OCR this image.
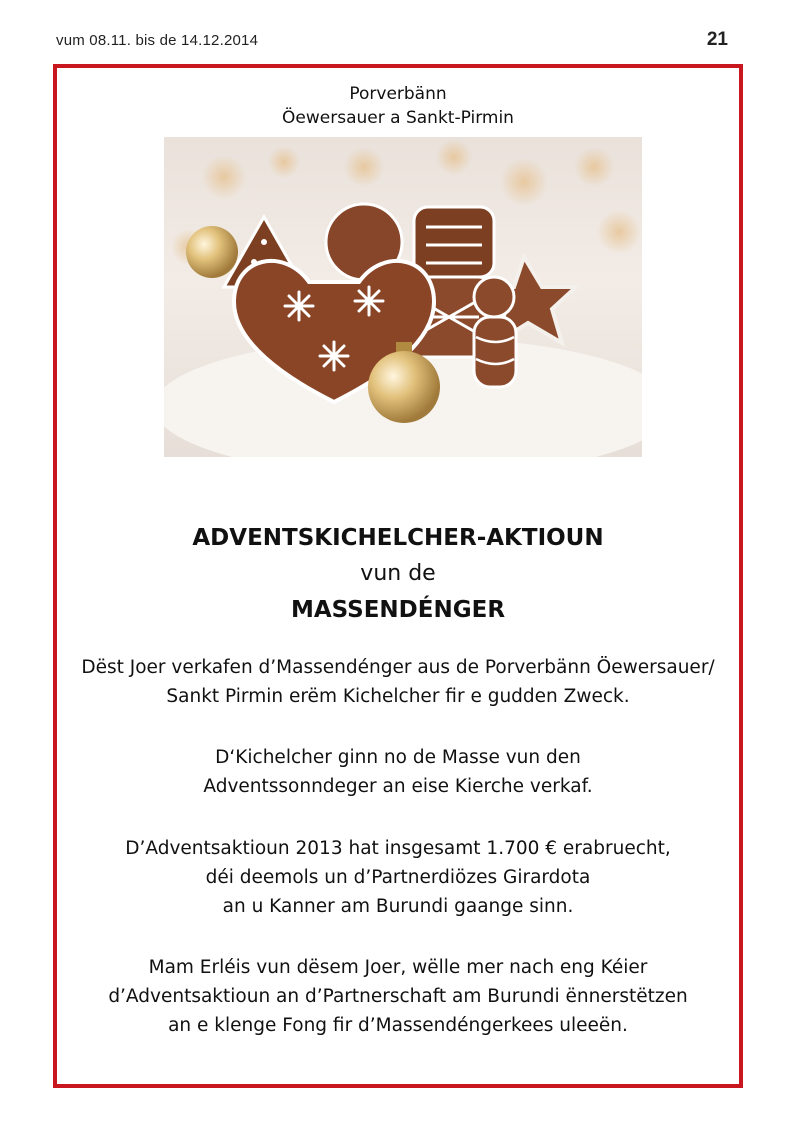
vum 08.11. bis de 14.12.2014	21
Porverbänn
Öewersauer a Sankt-Pirmin
ADVENTSKICHELCHER-AKTIOUN
vun de
MASSENDÉNGER
Dëst Joer verkafen d’Massendénger aus de Porverbänn Öewersauer/
Sankt Pirmin erëm Kichelcher fir e gudden Zweck.
D‘Kichelcher ginn no de Masse vun den
Adventssonndeger an eise Kierche verkaf.
D’Adventsaktioun 2013 hat insgesamt 1.700 € erabruecht,
déi deemols un d’Partnerdiözes Girardota
an u Kanner am Burundi gaange sinn.
Mam Erléis vun dësem Joer, wëlle mer nach eng Kéier
d’Adventsaktioun an d’Partnerschaft am Burundi ënnerstëtzen
an e klenge Fong fir d’Massendéngerkees uleeën.
